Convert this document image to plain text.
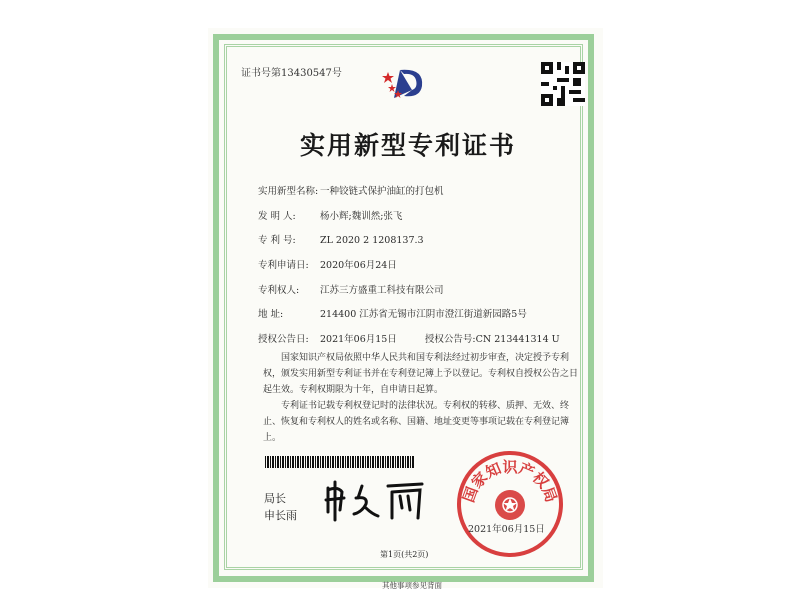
证书号第13430547号
实用新型专利证书
实用新型名称: 一种铰链式保护油缸的打包机
发 明 人:	杨小辉;魏训然;张飞
专 利 号:	ZL 2020 2 1208137.3
专利申请日: 2020年06月24日
专利权人: 江苏三方盛重工科技有限公司
地 址:	214400 江苏省无锡市江阴市澄江街道新园路5号
授权公告日: 2021年06月15日	授权公告号:CN 213441314 U
国家知识产权局依照中华人民共和国专利法经过初步审查，决定授予专利权，颁发实用新型专利证书并在专利登记簿上予以登记。专利权自授权公告之日起生效。专利权期限为十年，自申请日起算。
专利证书记载专利权登记时的法律状况。专利权的转移、质押、无效、终止、恢复和专利权人的姓名或名称、国籍、地址变更等事项记载在专利登记簿上。
局长
申长雨
国家知识产权局
2021年06月15日
第1页(共2页)
其他事项参见背面
